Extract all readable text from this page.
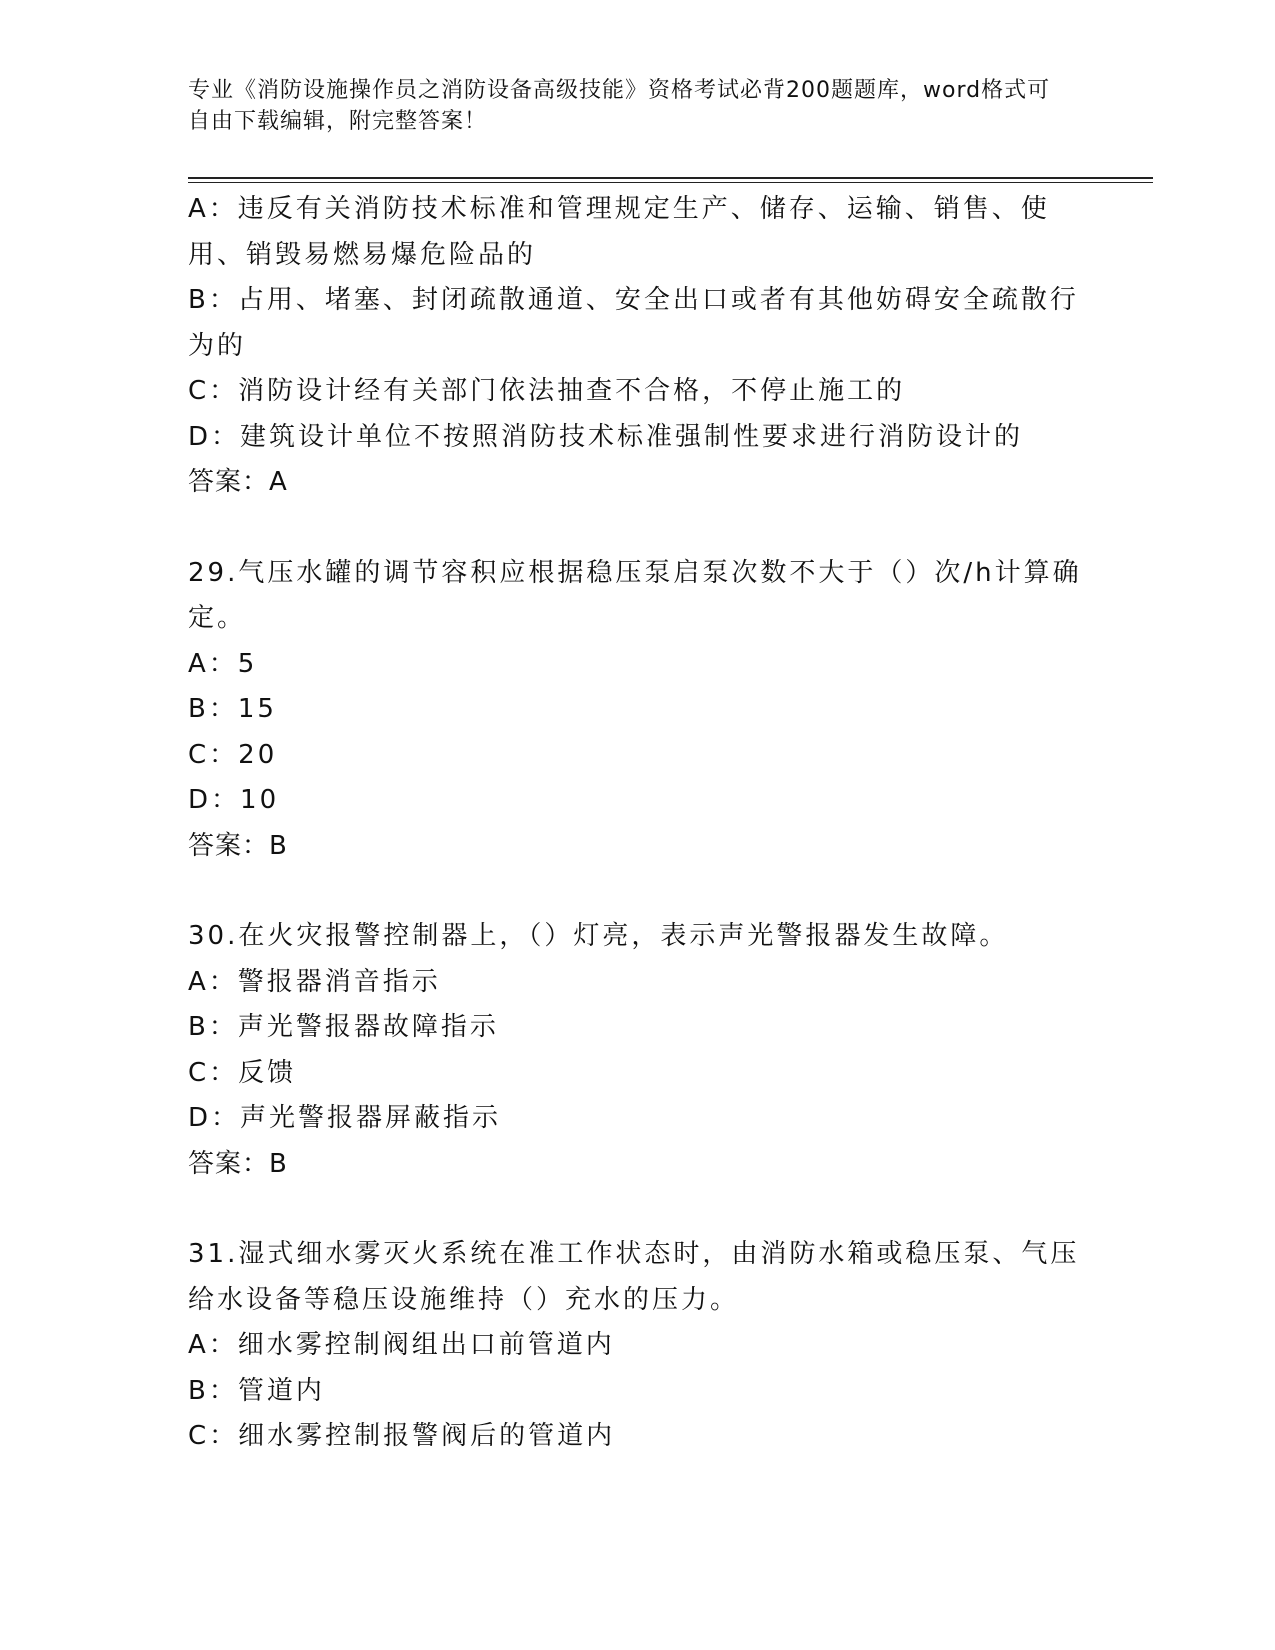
专业《消防设施操作员之消防设备高级技能》资格考试必背200题题库，word格式可自由下载编辑，附完整答案！

A：违反有关消防技术标准和管理规定生产、储存、运输、销售、使用、销毁易燃易爆危险品的

B：占用、堵塞、封闭疏散通道、安全出口或者有其他妨碍安全疏散行为的

C：消防设计经有关部门依法抽查不合格，不停止施工的

D：建筑设计单位不按照消防技术标准强制性要求进行消防设计的

答案：A

29.气压水罐的调节容积应根据稳压泵启泵次数不大于（）次/h计算确定。

A：5

B：15

C：20

D：10

答案：B

30.在火灾报警控制器上，（）灯亮，表示声光警报器发生故障。

A：警报器消音指示

B：声光警报器故障指示

C：反馈

D：声光警报器屏蔽指示

答案：B

31.湿式细水雾灭火系统在准工作状态时，由消防水箱或稳压泵、气压给水设备等稳压设施维持（）充水的压力。

A：细水雾控制阀组出口前管道内

B：管道内

C：细水雾控制报警阀后的管道内
